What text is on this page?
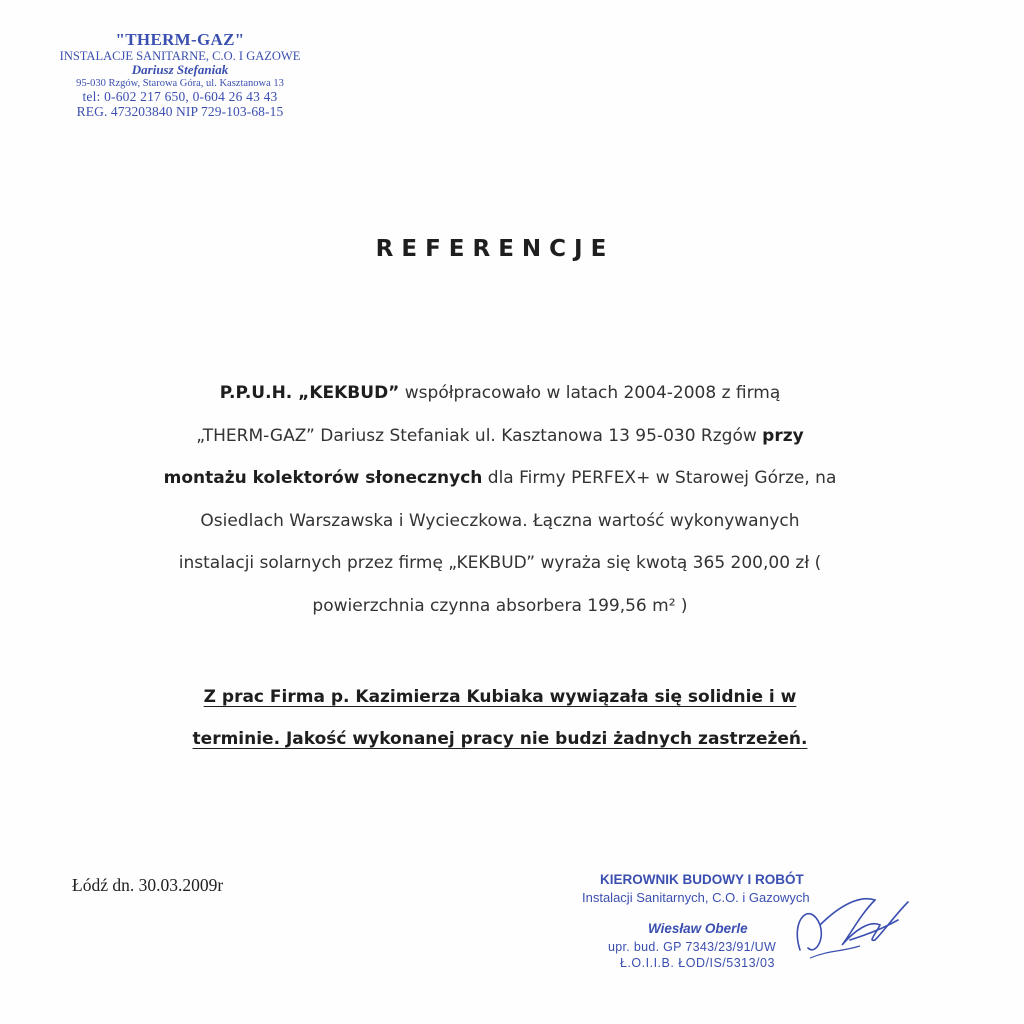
"THERM-GAZ"
INSTALACJE SANITARNE, C.O. I GAZOWE
Dariusz Stefaniak
95-030 Rzgów, Starowa Góra, ul. Kasztanowa 13
tel: 0-602 217 650, 0-604 26 43 43
REG. 473203840 NIP 729-103-68-15
REFERENCJE
P.P.U.H. „KEKBUD” współpracowało w latach 2004-2008 z firmą
„THERM-GAZ” Dariusz Stefaniak ul. Kasztanowa 13 95-030 Rzgów przy
montażu kolektorów słonecznych dla Firmy PERFEX+ w Starowej Górze, na
Osiedlach Warszawska i Wycieczkowa. Łączna wartość wykonywanych
instalacji solarnych przez firmę „KEKBUD” wyraża się kwotą 365 200,00 zł (
powierzchnia czynna absorbera 199,56 m² )
Z prac Firma p. Kazimierza Kubiaka wywiązała się solidnie i w
terminie. Jakość wykonanej pracy nie budzi żadnych zastrzeżeń.
Łódź dn. 30.03.2009r	KIEROWNIK BUDOWY I ROBÓT
Instalacji Sanitarnych, C.O. i Gazowych
Wiesław Oberle
upr. bud. GP 7343/23/91/UW
Ł.O.I.I.B. ŁOD/IS/5313/03
